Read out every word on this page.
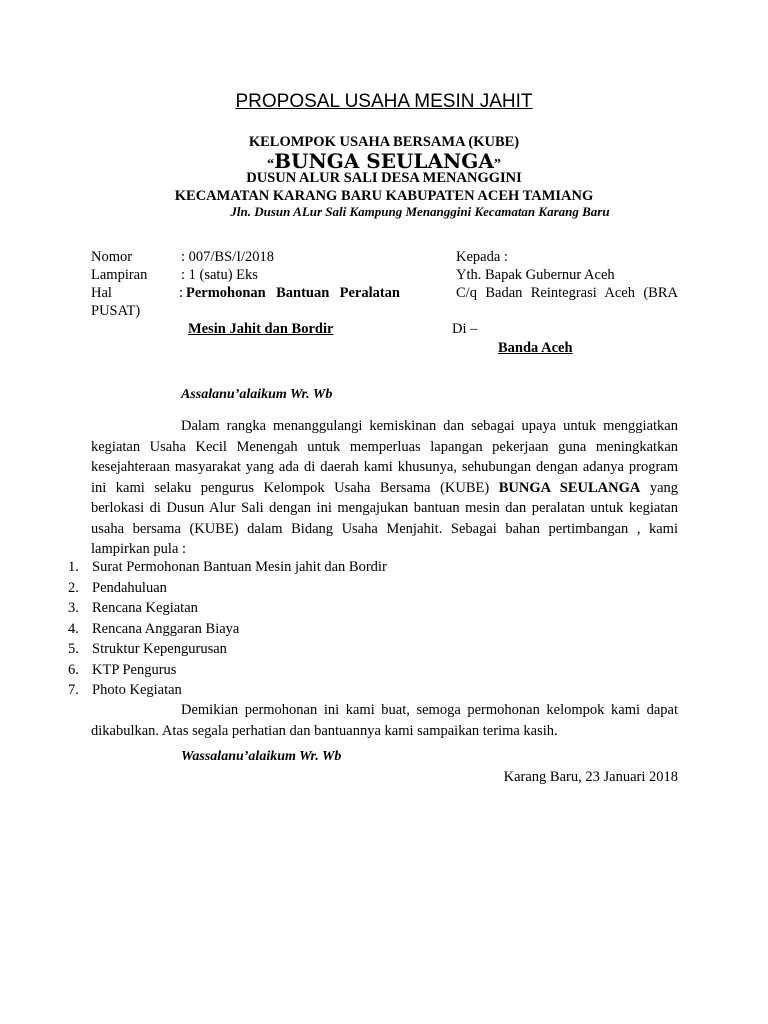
PROPOSAL USAHA MESIN JAHIT
KELOMPOK USAHA BERSAMA (KUBE)
“BUNGA SEULANGA”
DUSUN ALUR SALI DESA MENANGGINI
KECAMATAN KARANG BARU KABUPATEN ACEH TAMIANG
Jln. Dusun ALur Sali Kampung Menanggini Kecamatan Karang Baru
Nomor	: 007/BS/I/2018
Lampiran : 1 (satu) Eks
Hal	: Permohonan Bantuan Peralatan
PUSAT)
Mesin Jahit dan Bordir
Kepada :
Yth. Bapak Gubernur Aceh
C/q Badan Reintegrasi Aceh (BRA
Di –
Banda Aceh
Assalanu’alaikum Wr. Wb
Dalam rangka menanggulangi kemiskinan dan sebagai upaya untuk menggiatkan
kegiatan Usaha Kecil Menengah untuk memperluas lapangan pekerjaan guna meningkatkan
kesejahteraan masyarakat yang ada di daerah kami khusunya, sehubungan dengan adanya program
ini kami selaku pengurus Kelompok Usaha Bersama (KUBE) BUNGA SEULANGA yang
berlokasi di Dusun Alur Sali dengan ini mengajukan bantuan mesin dan peralatan untuk kegiatan
usaha bersama (KUBE) dalam Bidang Usaha Menjahit. Sebagai bahan pertimbangan , kami
lampirkan pula :
1. Surat Permohonan Bantuan Mesin jahit dan Bordir
2. Pendahuluan
3. Rencana Kegiatan
4. Rencana Anggaran Biaya
5. Struktur Kepengurusan
6. KTP Pengurus
7. Photo Kegiatan
Demikian permohonan ini kami buat, semoga permohonan kelompok kami dapat
dikabulkan. Atas segala perhatian dan bantuannya kami sampaikan terima kasih.
Wassalanu’alaikum Wr. Wb
Karang Baru, 23 Januari 2018
